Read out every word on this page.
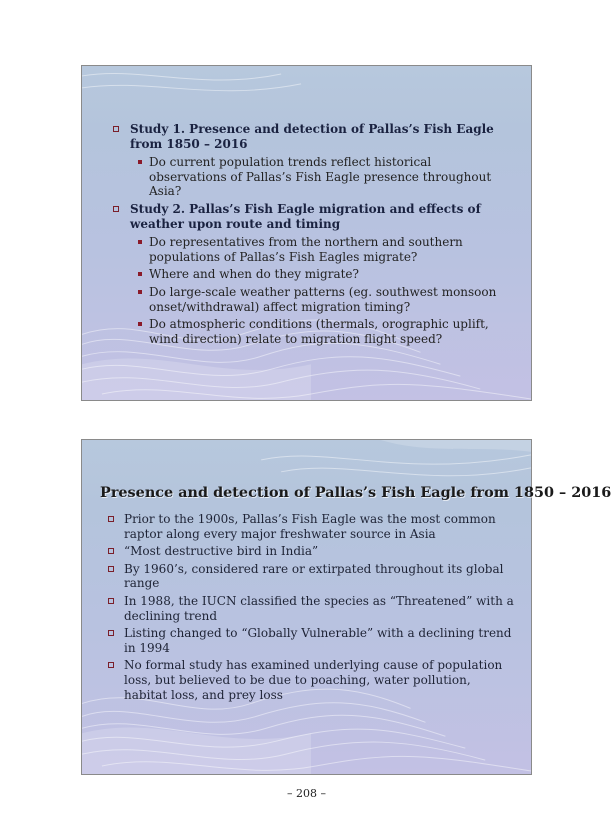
Study 1. Presence and detection of Pallas’s Fish Eagle from 1850 – 2016
Do current population trends reflect historical observations of Pallas’s Fish Eagle presence throughout Asia?
Study 2. Pallas’s Fish Eagle migration and effects of weather upon route and timing
Do representatives from the northern and southern populations of Pallas’s Fish Eagles migrate?
Where and when do they migrate?
Do large-scale weather patterns (eg. southwest monsoon onset/withdrawal) affect migration timing?
Do atmospheric conditions (thermals, orographic uplift, wind direction) relate to migration flight speed?
Presence and detection of Pallas’s Fish Eagle from 1850 – 2016
Prior to the 1900s, Pallas’s Fish Eagle was the most common raptor along every major freshwater source in Asia
“Most destructive bird in India”
By 1960’s, considered rare or extirpated throughout its global range
In 1988, the IUCN classified the species as “Threatened” with a declining trend
Listing changed to “Globally Vulnerable” with a declining trend in 1994
No formal study has examined underlying cause of population loss, but believed to be due to poaching, water pollution, habitat loss, and prey loss
– 208 –
